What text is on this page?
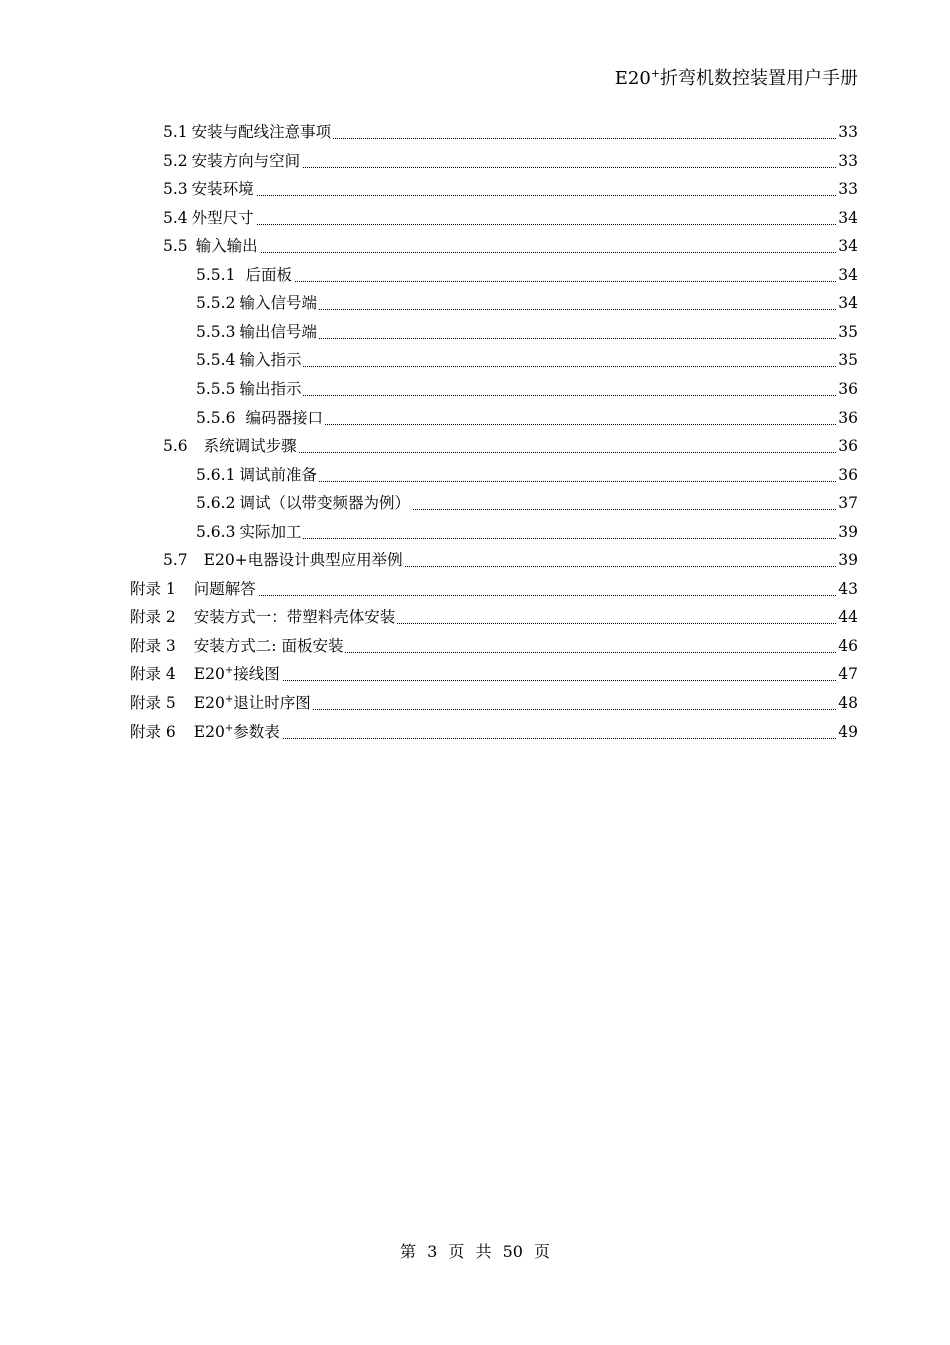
E20+折弯机数控装置用户手册
5.1 安装与配线注意事项	33
5.2 安装方向与空间	33
5.3 安装环境	33
5.4 外型尺寸	34
5.5 输入输出	34
5.5.1 后面板	34
5.5.2 输入信号端	34
5.5.3 输出信号端	35
5.5.4 输入指示	35
5.5.5 输出指示	36
5.5.6 编码器接口	36
5.6 系统调试步骤	36
5.6.1 调试前准备	36
5.6.2 调试（以带变频器为例）	37
5.6.3 实际加工	39
5.7 E20+电器设计典型应用举例	39
附录 1 问题解答	43
附录 2 安装方式一：带塑料壳体安装	44
附录 3 安装方式二: 面板安装	46
附录 4 E20+接线图	47
附录 5 E20+退让时序图	48
附录 6 E20+参数表	49
第 3 页 共 50 页
